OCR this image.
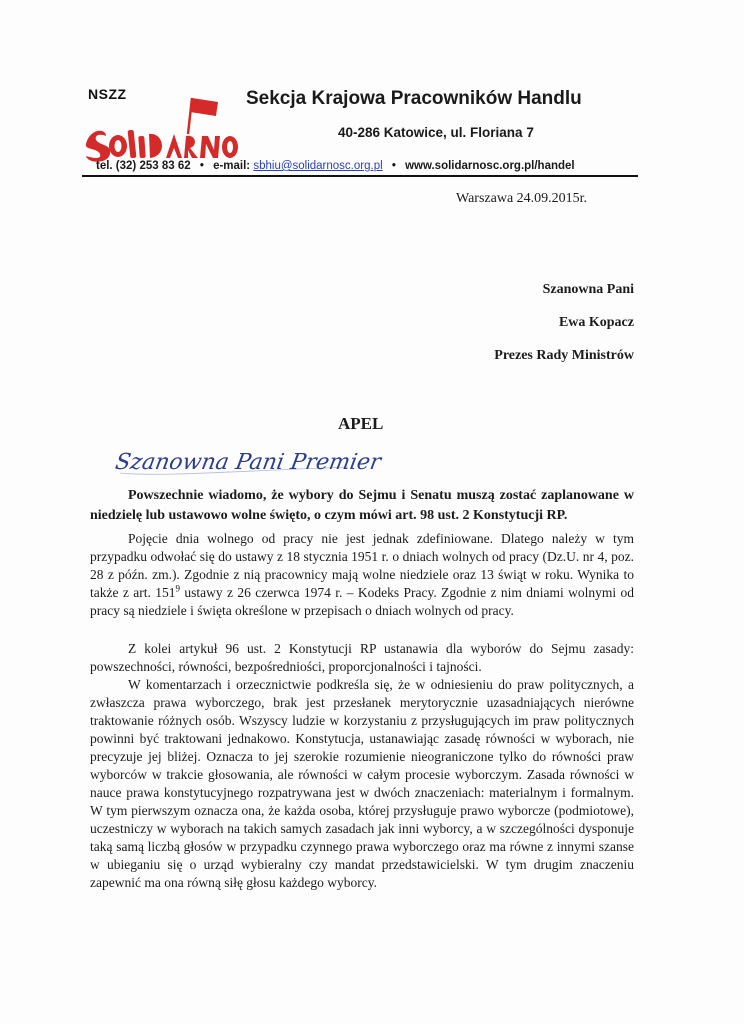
NSZZ	Sekcja Krajowa Pracowników Handlu
40-286 Katowice, ul. Floriana 7
tel. (32) 253 83 62 • e-mail: sbhiu@solidarnosc.org.pl • www.solidarnosc.org.pl/handel
Warszawa 24.09.2015r.
Szanowna Pani
Ewa Kopacz
Prezes Rady Ministrów
APEL
Szanowna Pani Premier
Powszechnie wiadomo, że wybory do Sejmu i Senatu muszą zostać zaplanowane w niedzielę lub ustawowo wolne święto, o czym mówi art. 98 ust. 2 Konstytucji RP.
Pojęcie dnia wolnego od pracy nie jest jednak zdefiniowane. Dlatego należy w tym przypadku odwołać się do ustawy z 18 stycznia 1951 r. o dniach wolnych od pracy (Dz.U. nr 4, poz. 28 z późn. zm.). Zgodnie z nią pracownicy mają wolne niedziele oraz 13 świąt w roku. Wynika to także z art. $151^9$ ustawy z 26 czerwca 1974 r. – Kodeks Pracy. Zgodnie z nim dniami wolnymi od pracy są niedziele i święta określone w przepisach o dniach wolnych od pracy.
Z kolei artykuł 96 ust. 2 Konstytucji RP ustanawia dla wyborów do Sejmu zasady: powszechności, równości, bezpośredniości, proporcjonalności i tajności.
W komentarzach i orzecznictwie podkreśla się, że w odniesieniu do praw politycznych, a zwłaszcza prawa wyborczego, brak jest przesłanek merytorycznie uzasadniających nierówne traktowanie różnych osób. Wszyscy ludzie w korzystaniu z przysługujących im praw politycznych powinni być traktowani jednakowo. Konstytucja, ustanawiając zasadę równości w wyborach, nie precyzuje jej bliżej. Oznacza to jej szerokie rozumienie nieograniczone tylko do równości praw wyborców w trakcie głosowania, ale równości w całym procesie wyborczym. Zasada równości w nauce prawa konstytucyjnego rozpatrywana jest w dwóch znaczeniach: materialnym i formalnym. W tym pierwszym oznacza ona, że każda osoba, której przysługuje prawo wyborcze (podmiotowe), uczestniczy w wyborach na takich samych zasadach jak inni wyborcy, a w szczególności dysponuje taką samą liczbą głosów w przypadku czynnego prawa wyborczego oraz ma równe z innymi szanse w ubieganiu się o urząd wybieralny czy mandat przedstawicielski. W tym drugim znaczeniu zapewnić ma ona równą siłę głosu każdego wyborcy.
